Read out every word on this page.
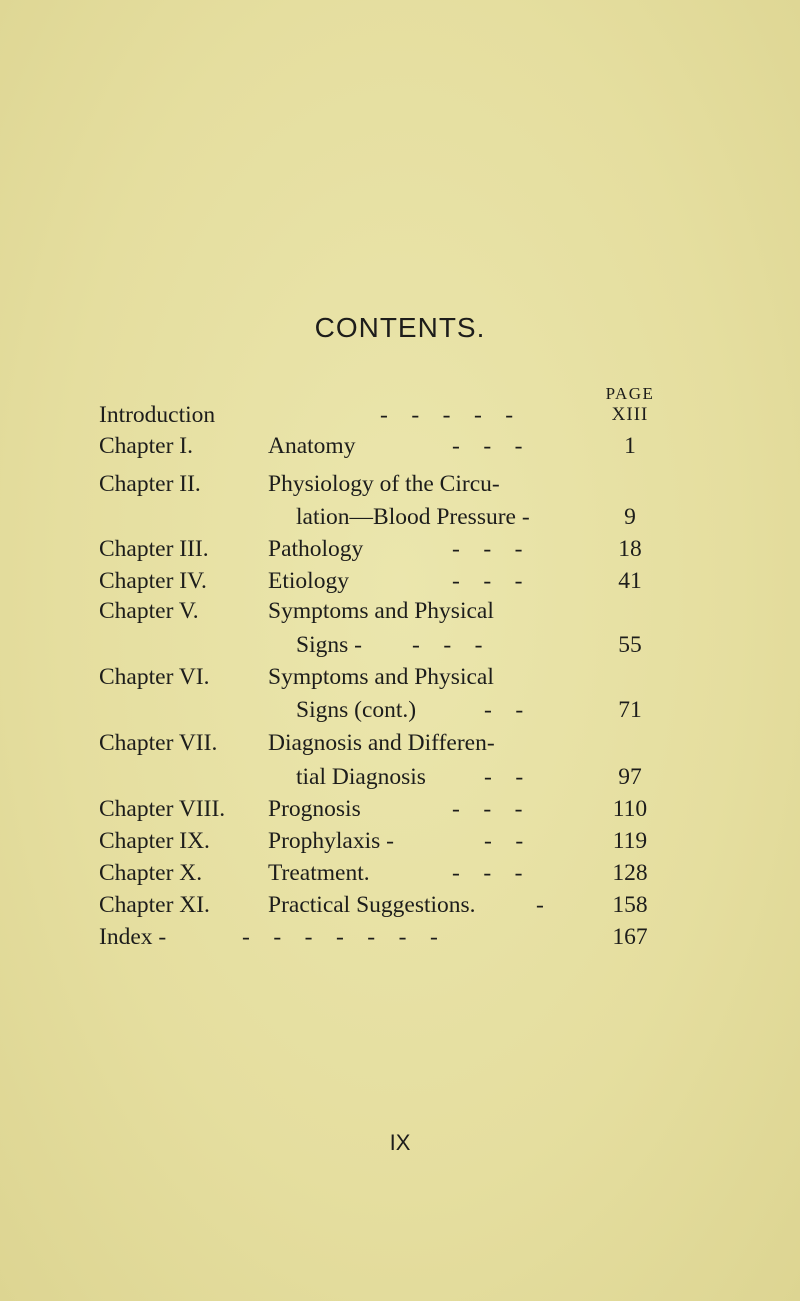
CONTENTS.
PAGE
Introduction	-    -    -    -    -	XIII
Chapter I.	Anatomy	-    -    -	1
Chapter II.	Physiology of the Circu-
lation—Blood Pressure -	9
Chapter III.	Pathology	-    -    -	18
Chapter IV.	Etiology	-    -    -	41
Chapter V.	Symptoms and Physical
Signs - -    -    -	55
Chapter VI. Symptoms and Physical
Signs (cont.)	-    -	71
Chapter VII. Diagnosis and Differen-
tial Diagnosis -    -	97
Chapter VIII. Prognosis	-    -    -	110
Chapter IX. Prophylaxis -	-    -	119
Chapter X.	Treatment.	-    -    -	128
Chapter XI. Practical Suggestions.	-	158
Index -	-    -    -    -    -    -    -	167
IX
